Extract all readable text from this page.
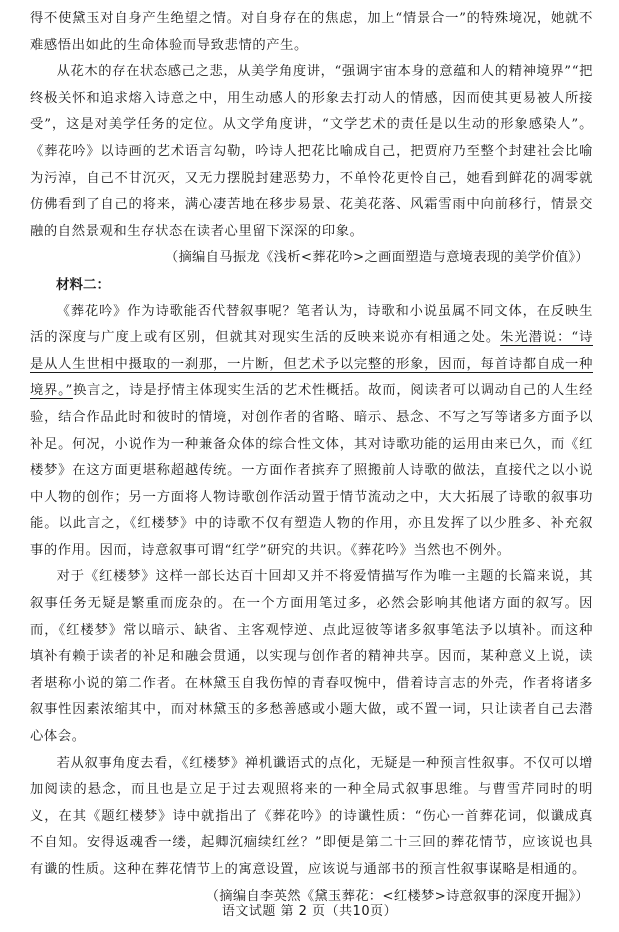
得不使黛玉对自身产生绝望之情。对自身存在的焦虑，加上“情景合一”的特殊境况，她就不难感悟出如此的生命体验而导致悲情的产生。

从花木的存在状态感己之悲，从美学角度讲，“强调宇宙本身的意蕴和人的精神境界”“把终极关怀和追求熔入诗意之中，用生动感人的形象去打动人的情感，因而使其更易被人所接受”，这是对美学任务的定位。从文学角度讲，“文学艺术的责任是以生动的形象感染人”。《葬花吟》以诗画的艺术语言勾勒，吟诗人把花比喻成自己，把贾府乃至整个封建社会比喻为污淖，自己不甘沉灭，又无力摆脱封建恶势力，不单怜花更怜自己，她看到鲜花的凋零就仿佛看到了自己的将来，满心凄苦地在移步易景、花美花落、风霜雪雨中向前移行，情景交融的自然景观和生存状态在读者心里留下深深的印象。

（摘编自马振龙《浅析<葬花吟>之画面塑造与意境表现的美学价值》）

材料二：

《葬花吟》作为诗歌能否代替叙事呢？笔者认为，诗歌和小说虽属不同文体，在反映生活的深度与广度上或有区别，但就其对现实生活的反映来说亦有相通之处。朱光潜说：“诗是从人生世相中摄取的一刹那，一片断，但艺术予以完整的形象，因而，每首诗都自成一种境界。”换言之，诗是抒情主体现实生活的艺术性概括。故而，阅读者可以调动自己的人生经验，结合作品此时和彼时的情境，对创作者的省略、暗示、悬念、不写之写等诸多方面予以补足。何况，小说作为一种兼备众体的综合性文体，其对诗歌功能的运用由来已久，而《红楼梦》在这方面更堪称超越传统。一方面作者摈弃了照搬前人诗歌的做法，直接代之以小说中人物的创作；另一方面将人物诗歌创作活动置于情节流动之中，大大拓展了诗歌的叙事功能。以此言之，《红楼梦》中的诗歌不仅有塑造人物的作用，亦且发挥了以少胜多、补充叙事的作用。因而，诗意叙事可谓“红学”研究的共识。《葬花吟》当然也不例外。

对于《红楼梦》这样一部长达百十回却又并不将爱情描写作为唯一主题的长篇来说，其叙事任务无疑是繁重而庞杂的。在一个方面用笔过多，必然会影响其他诸方面的叙写。因而，《红楼梦》常以暗示、缺省、主客观悖逆、点此逗彼等诸多叙事笔法予以填补。而这种填补有赖于读者的补足和融会贯通，以实现与创作者的精神共享。因而，某种意义上说，读者堪称小说的第二作者。在林黛玉自我伤悼的青春叹惋中，借着诗言志的外壳，作者将诸多叙事性因素浓缩其中，而对林黛玉的多愁善感或小题大做，或不置一词，只让读者自己去潜心体会。

若从叙事角度去看，《红楼梦》禅机谶语式的点化，无疑是一种预言性叙事。不仅可以增加阅读的悬念，而且也是立足于过去观照将来的一种全局式叙事思维。与曹雪芹同时的明义，在其《题红楼梦》诗中就指出了《葬花吟》的诗谶性质：“伤心一首葬花词，似谶成真不自知。安得返魂香一缕，起卿沉痼续红丝？”即便是第二十三回的葬花情节，应该说也具有谶的性质。这种在葬花情节上的寓意设置，应该说与通部书的预言性叙事谋略是相通的。

（摘编自李英然《黛玉葬花：<红楼梦>诗意叙事的深度开掘》）

语文试题 第 2 页（共10页）
